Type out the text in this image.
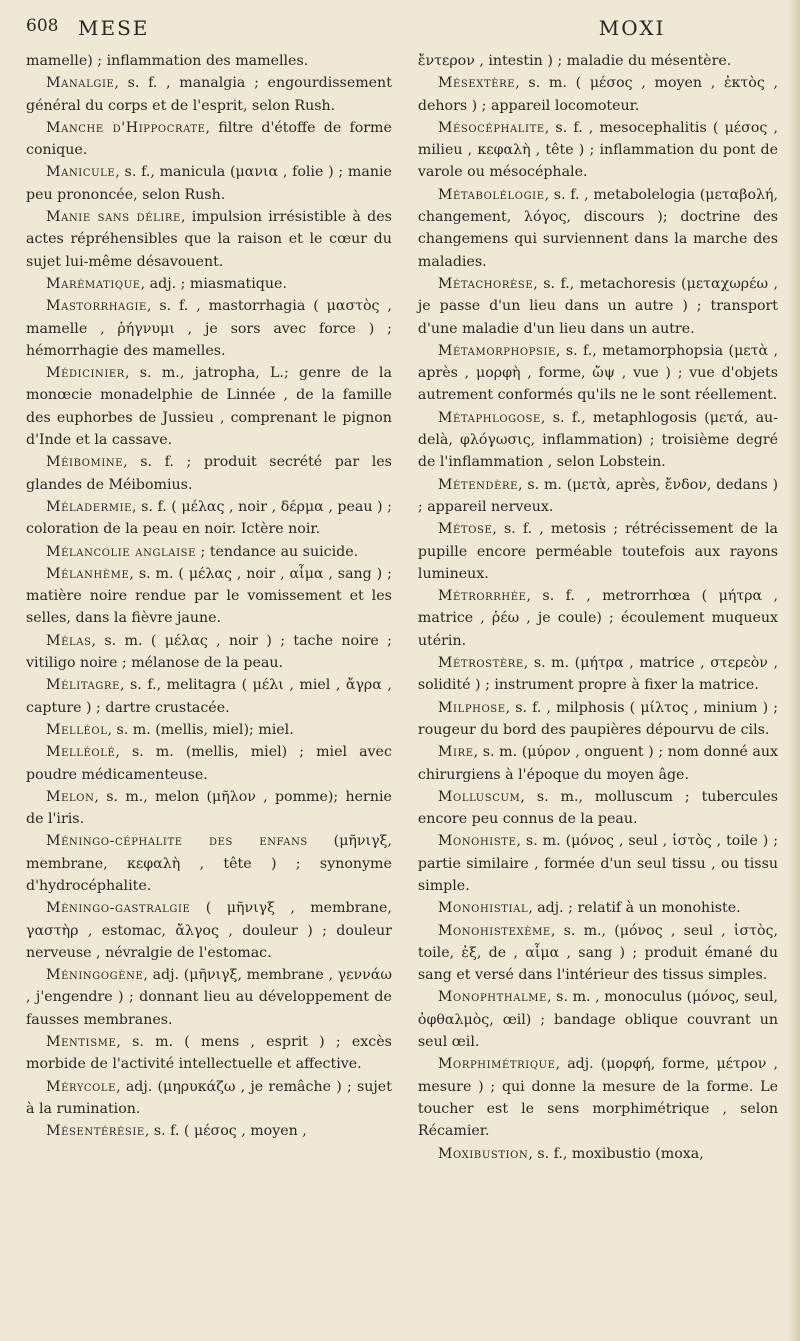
608 MESE	MOXI

mamelle) ; inflammation des mamelles.

Manalgie, s. f. , manalgia ; engourdissement général du corps et de l'esprit, selon Rush.

Manche d'Hippocrate, filtre d'étoffe de forme conique.

Manicule, s. f., manicula (μανια , folie ) ; manie peu prononcée, selon Rush.

Manie sans délire, impulsion irrésistible à des actes répréhensibles que la raison et le cœur du sujet lui-même désavouent.

Marématique, adj. ; miasmatique.

Mastorrhagie, s. f. , mastorrhagia ( μαστὸς , mamelle , ῥήγνυμι , je sors avec force ) ; hémorrhagie des mamelles.

Médicinier, s. m., jatropha, L.; genre de la monœcie monadelphie de Linnée , de la famille des euphorbes de Jussieu , comprenant le pignon d'Inde et la cassave.

Méibomine, s. f. ; produit secrété par les glandes de Méibomius.

Méladermie, s. f. ( μέλας , noir , δέρμα , peau ) ; coloration de la peau en noir. Ictère noir.

Mélancolie anglaise ; tendance au suicide.

Mélanhème, s. m. ( μέλας , noir , αἷμα , sang ) ; matière noire rendue par le vomissement et les selles, dans la fièvre jaune.

Mélas, s. m. ( μέλας , noir ) ; tache noire ; vitiligo noire ; mélanose de la peau.

Mélitagre, s. f., melitagra ( μέλι , miel , ἄγρα , capture ) ; dartre crustacée.

Melléol, s. m. (mellis, miel); miel.

Melléolé, s. m. (mellis, miel) ; miel avec poudre médicamenteuse.

Melon, s. m., melon (μῆλον , pomme); hernie de l'iris.

Méningo-céphalite des enfans (μῆνιγξ, membrane, κεφαλὴ , tête ) ; synonyme d'hydrocéphalite.

Méningo-gastralgie ( μῆνιγξ , membrane, γαστὴρ , estomac, ἄλγος , douleur ) ; douleur nerveuse , névralgie de l'estomac.

Méningogène, adj. (μῆνιγξ, membrane , γεννάω , j'engendre ) ; donnant lieu au développement de fausses membranes.

Mentisme, s. m. ( mens , esprit ) ; excès morbide de l'activité intellectuelle et affective.

Mérycole, adj. (μηρυκάζω , je remâche ) ; sujet à la rumination.

Mésentérésie, s. f. ( μέσος , moyen ,

ἔντερον , intestin ) ; maladie du mésentère.

Mésextère, s. m. ( μέσος , moyen , ἐκτὸς , dehors ) ; appareil locomoteur.

Mésocéphalite, s. f. , mesocephalitis ( μέσος , milieu , κεφαλὴ , tête ) ; inflammation du pont de varole ou mésocéphale.

Métabolélogie, s. f. , metabolelogia (μεταβολή, changement, λόγος, discours ); doctrine des changemens qui surviennent dans la marche des maladies.

Métachorèse, s. f., metachoresis (μεταχωρέω , je passe d'un lieu dans un autre ) ; transport d'une maladie d'un lieu dans un autre.

Métamorphopsie, s. f., metamorphopsia (μετὰ , après , μορφὴ , forme, ὤψ , vue ) ; vue d'objets autrement conformés qu'ils ne le sont réellement.

Métaphlogose, s. f., metaphlogosis (μετά, au-delà, φλόγωσις, inflammation) ; troisième degré de l'inflammation , selon Lobstein.

Métendère, s. m. (μετὰ, après, ἔνδον, dedans ) ; appareil nerveux.

Métose, s. f. , metosis ; rétrécissement de la pupille encore perméable toutefois aux rayons lumineux.

Métrorrhée, s. f. , metrorrhœa ( μήτρα , matrice , ῥέω , je coule) ; écoulement muqueux utérin.

Métrostère, s. m. (μήτρα , matrice , στερεὸν , solidité ) ; instrument propre à fixer la matrice.

Milphose, s. f. , milphosis ( μίλτος , minium ) ; rougeur du bord des paupières dépourvu de cils.

Mire, s. m. (μύρον , onguent ) ; nom donné aux chirurgiens à l'époque du moyen âge.

Molluscum, s. m., molluscum ; tubercules encore peu connus de la peau.

Monohiste, s. m. (μόνος , seul , ἱστὸς , toile ) ; partie similaire , formée d'un seul tissu , ou tissu simple.

Monohistial, adj. ; relatif à un monohiste.

Monohistexème, s. m., (μόνος , seul , ἱστὸς, toile, ἐξ, de , αἷμα , sang ) ; produit émané du sang et versé dans l'intérieur des tissus simples.

Monophthalme, s. m. , monoculus (μόνος, seul, ὀφθαλμὸς, œil) ; bandage oblique couvrant un seul œil.

Morphimétrique, adj. (μορφή, forme, μέτρον , mesure ) ; qui donne la mesure de la forme. Le toucher est le sens morphimétrique , selon Récamier.

Moxibustion, s. f., moxibustio (moxa,
